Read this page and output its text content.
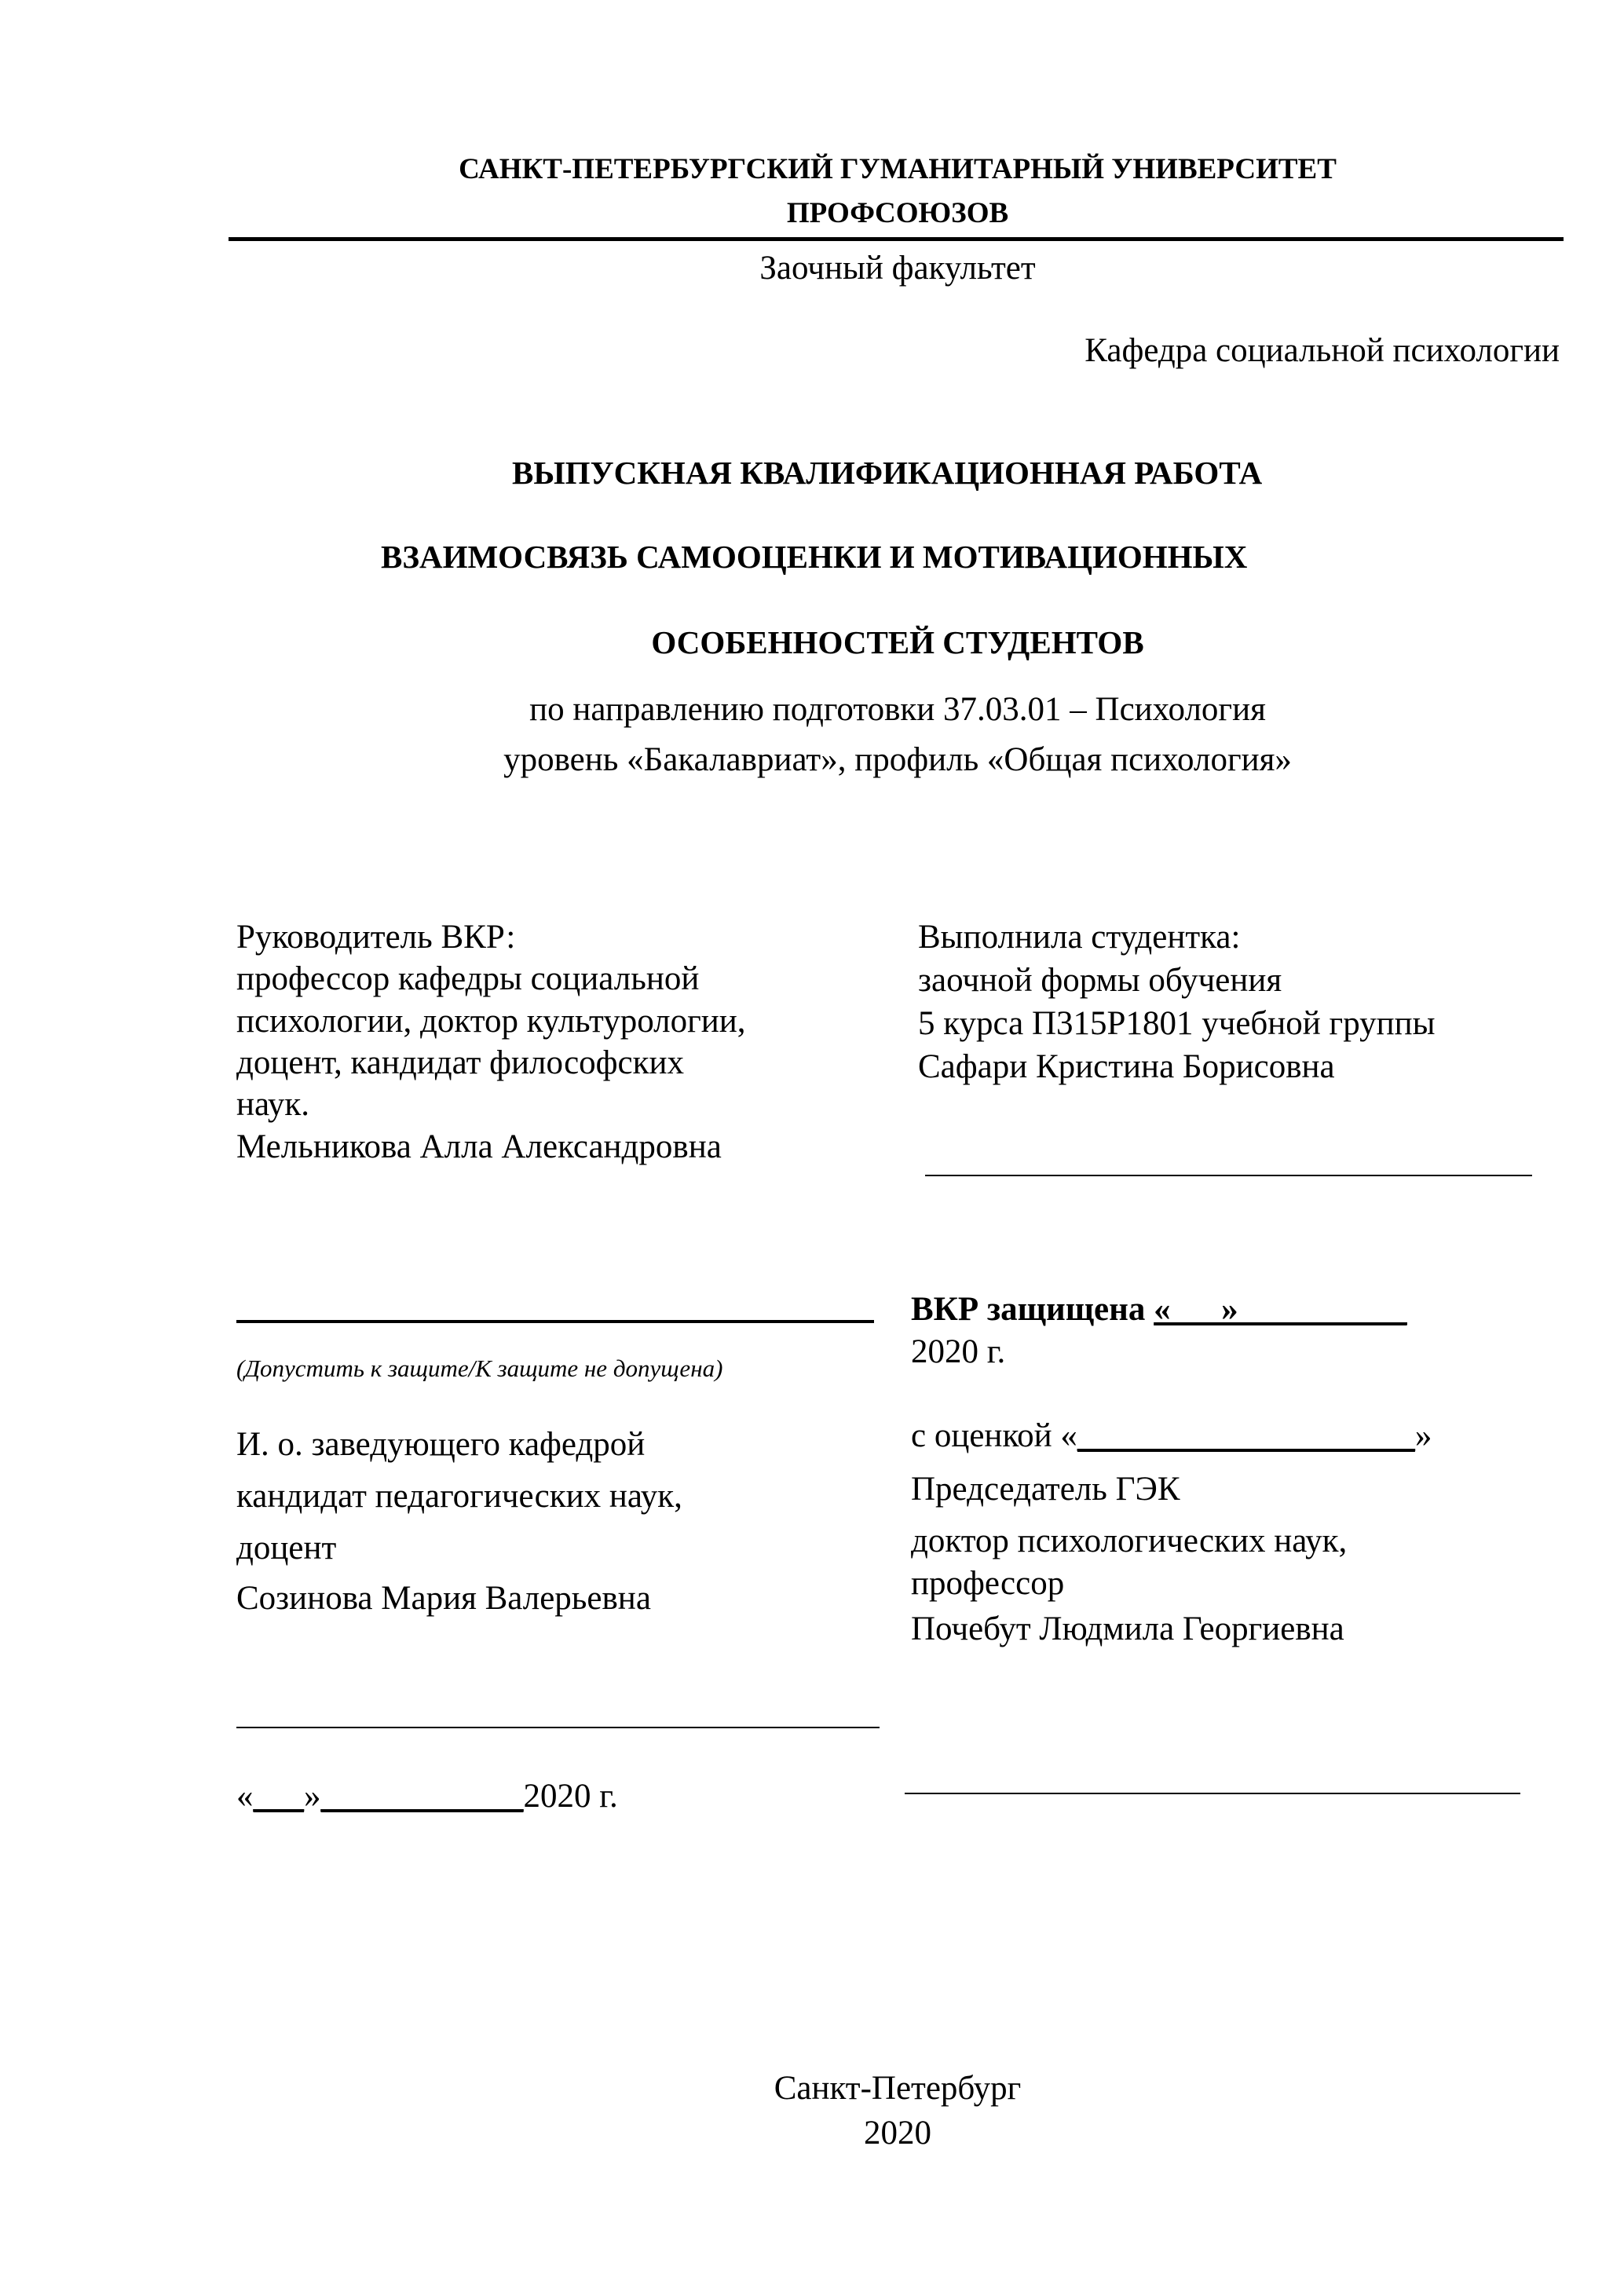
САНКТ-ПЕТЕРБУРГСКИЙ ГУМАНИТАРНЫЙ УНИВЕРСИТЕТ
ПРОФСОЮЗОВ
Заочный факультет
Кафедра социальной психологии
ВЫПУСКНАЯ КВАЛИФИКАЦИОННАЯ РАБОТА
ВЗАИМОСВЯЗЬ САМООЦЕНКИ И МОТИВАЦИОННЫХ
ОСОБЕННОСТЕЙ СТУДЕНТОВ
по направлению подготовки 37.03.01 – Психология
уровень «Бакалавриат», профиль «Общая психология»
Руководитель ВКР:
профессор кафедры социальной
психологии, доктор культурологии,
доцент, кандидат философских
наук.
Мельникова Алла Александровна
Выполнила студентка:
заочной формы обучения
5 курса П315Р1801 учебной группы
Сафари Кристина Борисовна
(Допустить к защите/К защите не допущена)
ВКР защищена «___»__________
2020 г.
с оценкой «____________________»
Председатель ГЭК
доктор психологических наук,
профессор
Почебут Людмила Георгиевна
И. о. заведующего кафедрой
кандидат педагогических наук,
доцент
Созинова Мария Валерьевна
«___»____________2020 г.
Санкт-Петербург
2020
